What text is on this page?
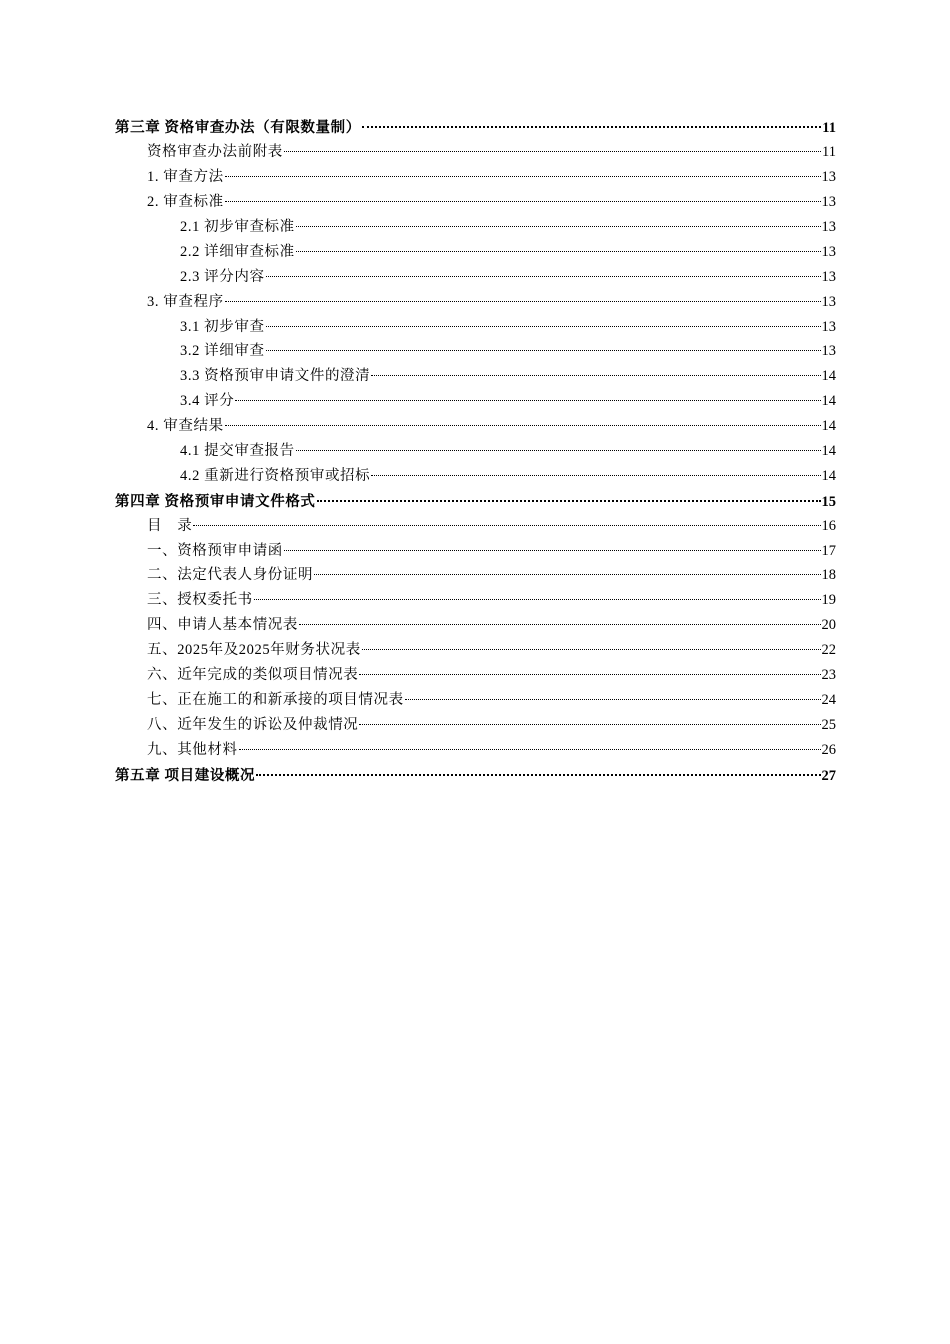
第三章 资格审查办法（有限数量制）	11
资格审查办法前附表	11
1. 审查方法	13
2. 审查标准	13
2.1 初步审查标准	13
2.2 详细审查标准	13
2.3 评分内容	13
3. 审查程序	13
3.1 初步审查	13
3.2 详细审查	13
3.3 资格预审申请文件的澄清	14
3.4 评分	14
4. 审查结果	14
4.1 提交审查报告	14
4.2 重新进行资格预审或招标	14
第四章 资格预审申请文件格式	15
目　录	16
一、资格预审申请函	17
二、法定代表人身份证明	18
三、授权委托书	19
四、申请人基本情况表	20
五、2025年及2025年财务状况表	22
六、近年完成的类似项目情况表	23
七、正在施工的和新承接的项目情况表	24
八、近年发生的诉讼及仲裁情况	25
九、其他材料	26
第五章 项目建设概况	27
